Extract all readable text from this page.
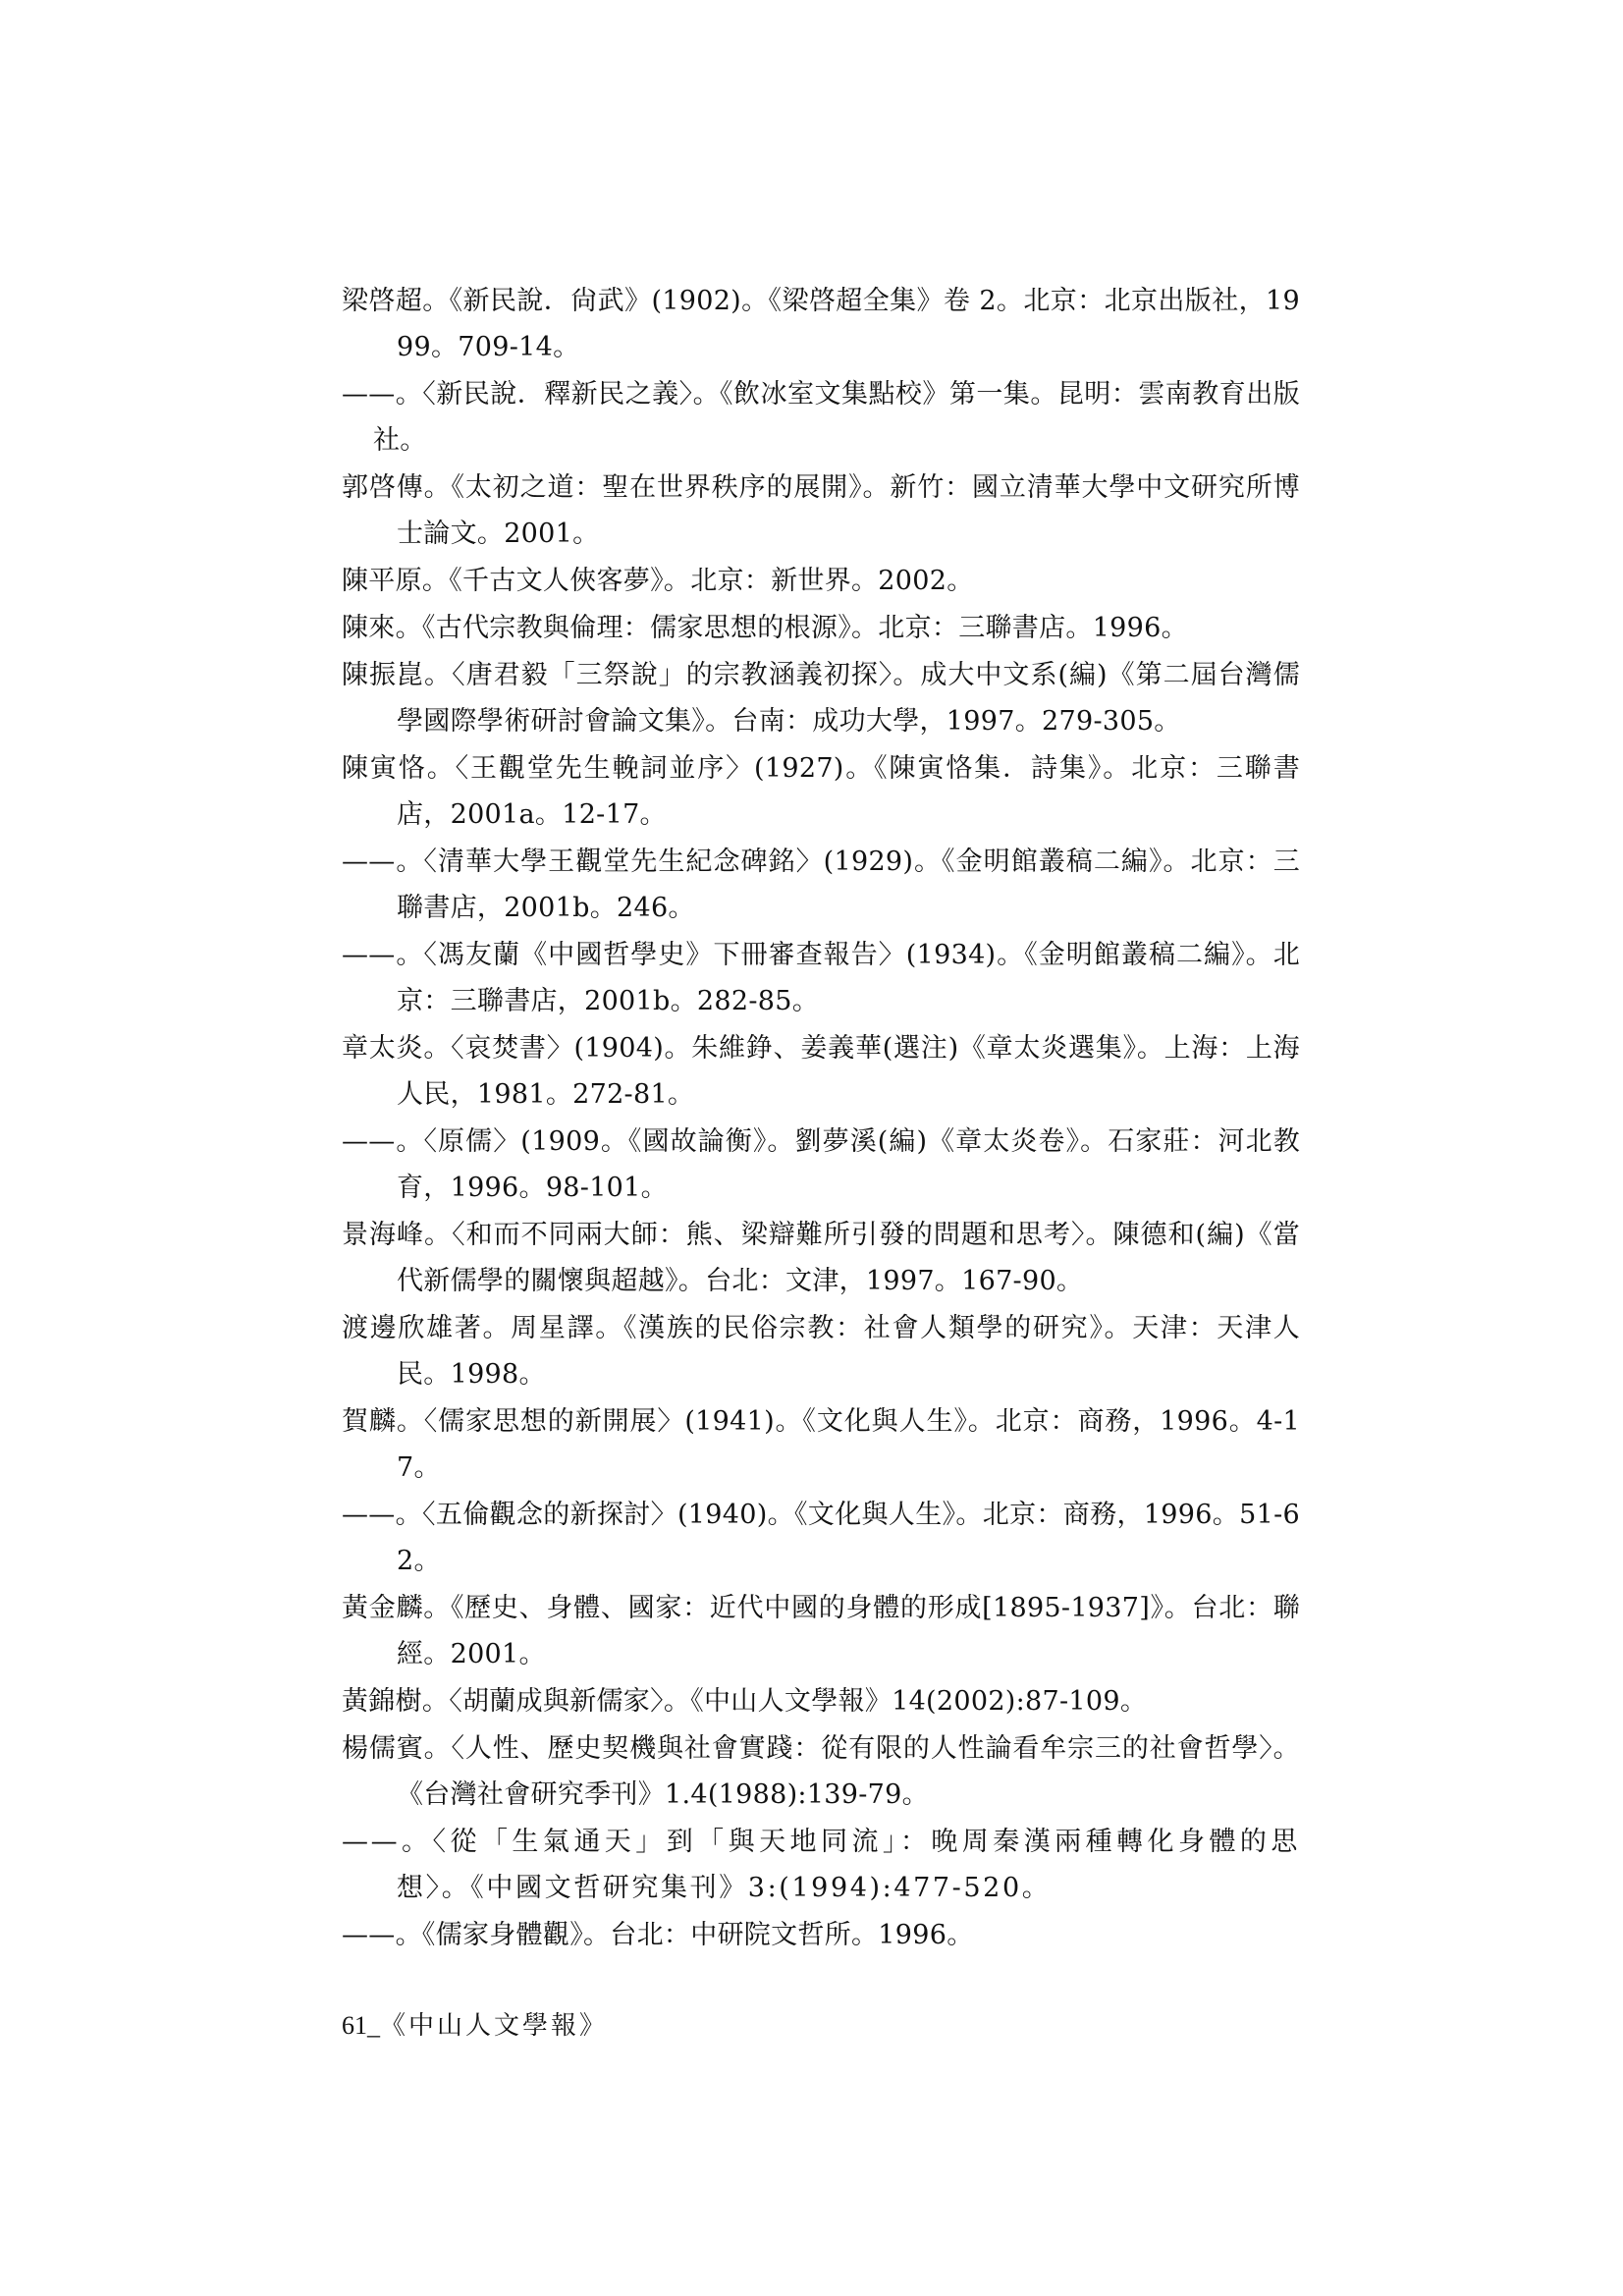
梁啓超。《新民說．尙武》(1902)。《梁啓超全集》卷 2。北京：北京出版社，1999。709-14。
——。〈新民說．釋新民之義〉。《飲冰室文集點校》第一集。昆明：雲南教育出版社。
郭啓傳。《太初之道：聖在世界秩序的展開》。新竹：國立清華大學中文研究所博士論文。2001。
陳平原。《千古文人俠客夢》。北京：新世界。2002。
陳來。《古代宗教與倫理：儒家思想的根源》。北京：三聯書店。1996。
陳振崑。〈唐君毅「三祭說」的宗教涵義初探〉。成大中文系(編)《第二屆台灣儒學國際學術研討會論文集》。台南：成功大學，1997。279-305。
陳寅恪。〈王觀堂先生輓詞並序〉(1927)。《陳寅恪集．詩集》。北京：三聯書店，2001a。12-17。
——。〈清華大學王觀堂先生紀念碑銘〉(1929)。《金明館叢稿二編》。北京：三聯書店，2001b。246。
——。〈馮友蘭《中國哲學史》下冊審查報告〉(1934)。《金明館叢稿二編》。北京：三聯書店，2001b。282-85。
章太炎。〈哀焚書〉(1904)。朱維錚、姜義華(選注)《章太炎選集》。上海：上海人民，1981。272-81。
——。〈原儒〉(1909。《國故論衡》。劉夢溪(編)《章太炎卷》。石家莊：河北教育，1996。98-101。
景海峰。〈和而不同兩大師：熊、梁辯難所引發的問題和思考〉。陳德和(編)《當代新儒學的關懷與超越》。台北：文津，1997。167-90。
渡邊欣雄著。周星譯。《漢族的民俗宗教：社會人類學的研究》。天津：天津人民。1998。
賀麟。〈儒家思想的新開展〉(1941)。《文化與人生》。北京：商務，1996。4-17。
——。〈五倫觀念的新探討〉(1940)。《文化與人生》。北京：商務，1996。51-62。
黃金麟。《歷史、身體、國家：近代中國的身體的形成[1895-1937]》。台北：聯經。2001。
黃錦樹。〈胡蘭成與新儒家〉。《中山人文學報》14(2002):87-109。
楊儒賓。〈人性、歷史契機與社會實踐：從有限的人性論看牟宗三的社會哲學〉。《台灣社會研究季刊》1.4(1988):139-79。
——。〈從「生氣通天」到「與天地同流」：晚周秦漢兩種轉化身體的思想〉。《中國文哲研究集刊》3:(1994):477-520。
——。《儒家身體觀》。台北：中研院文哲所。1996。
61_《中山人文學報》
